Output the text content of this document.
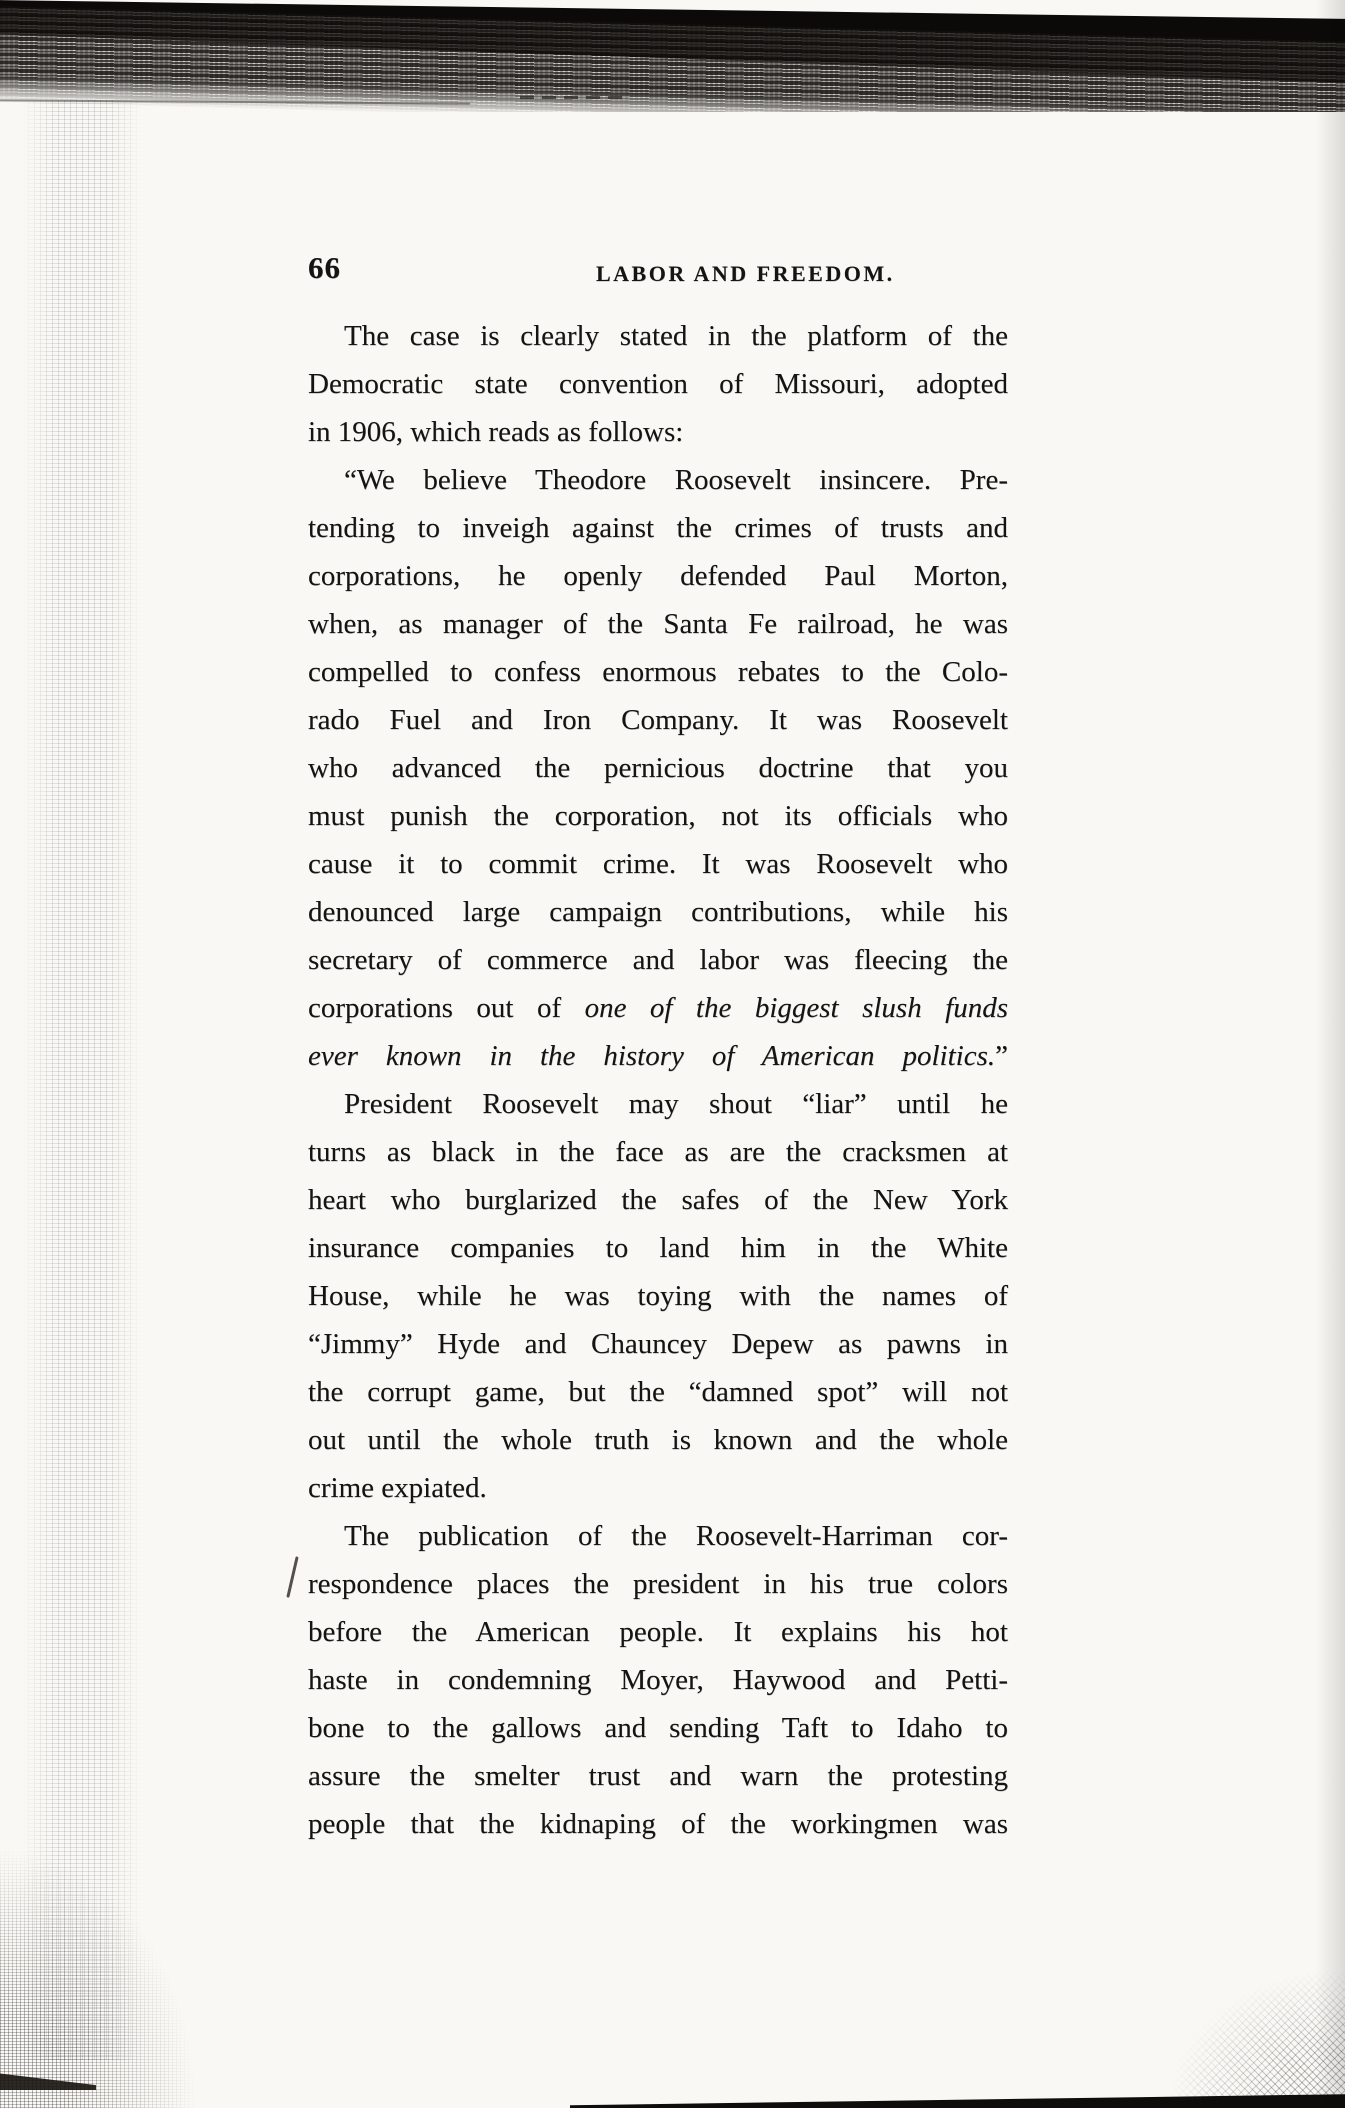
66	LABOR AND FREEDOM.
The case is clearly stated in the platform of the
Democratic state convention of Missouri, adopted
in 1906, which reads as follows:
“We believe Theodore Roosevelt insincere. Pre-
tending to inveigh against the crimes of trusts and
corporations, he openly defended Paul Morton,
when, as manager of the Santa Fe railroad, he was
compelled to confess enormous rebates to the Colo-
rado Fuel and Iron Company. It was Roosevelt
who advanced the pernicious doctrine that you
must punish the corporation, not its officials who
cause it to commit crime. It was Roosevelt who
denounced large campaign contributions, while his
secretary of commerce and labor was fleecing the
corporations out of one of the biggest slush funds
ever known in the history of American politics.”
President Roosevelt may shout “liar” until he
turns as black in the face as are the cracksmen at
heart who burglarized the safes of the New York
insurance companies to land him in the White
House, while he was toying with the names of
“Jimmy” Hyde and Chauncey Depew as pawns in
the corrupt game, but the “damned spot” will not
out until the whole truth is known and the whole
crime expiated.
The publication of the Roosevelt-Harriman cor-
respondence places the president in his true colors
before the American people. It explains his hot
haste in condemning Moyer, Haywood and Petti-
bone to the gallows and sending Taft to Idaho to
assure the smelter trust and warn the protesting
people that the kidnaping of the workingmen was
